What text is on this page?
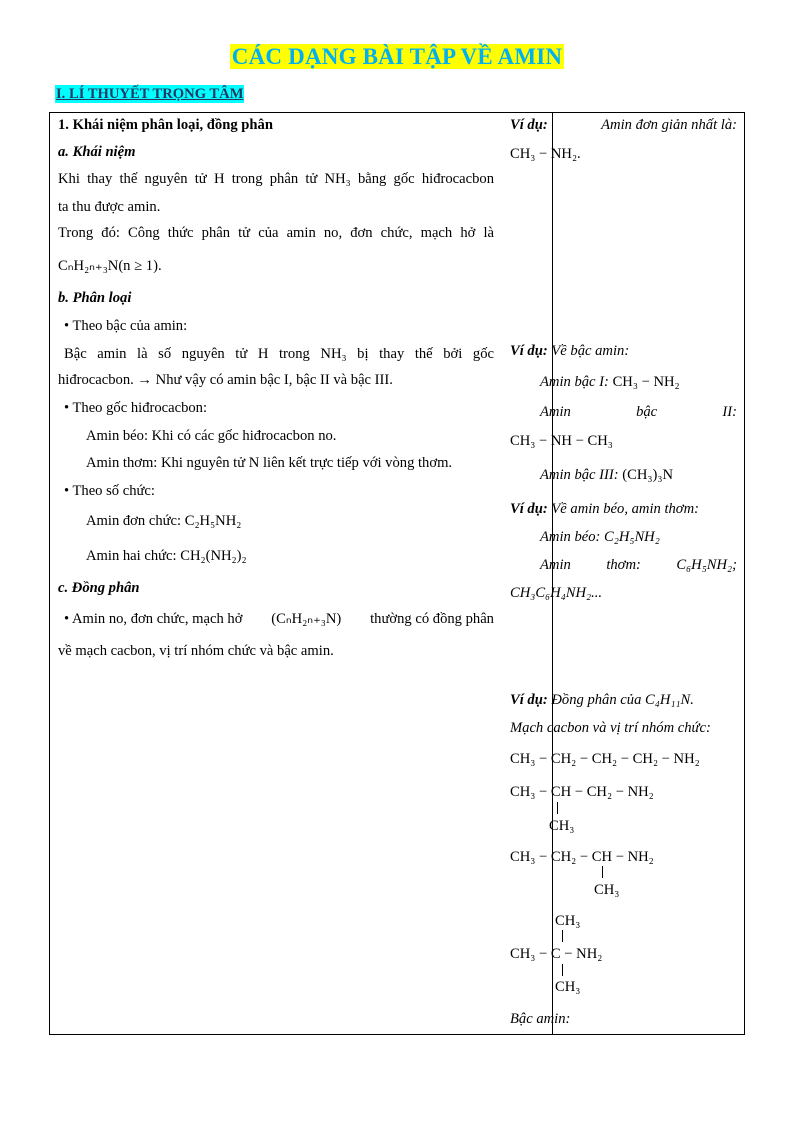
CÁC DẠNG BÀI TẬP VỀ AMIN
I. LÍ THUYẾT TRỌNG TÂM
1. Khái niệm phân loại, đồng phân
a. Khái niệm
Khi thay thế nguyên tử H trong phân tử NH₃ bằng gốc hiđrocacbon
ta thu được amin.
Trong đó: Công thức phân tử của amin no, đơn chức, mạch hở là
CₙH₂ₙ₊₃N(n ≥ 1).
b. Phân loại
• Theo bậc của amin:
Bậc amin là số nguyên tử H trong NH₃ bị thay thế bởi gốc
hiđrocacbon. → Như vậy có amin bậc I, bậc II và bậc III.
• Theo gốc hiđrocacbon:
Amin béo: Khi có các gốc hiđrocacbon no.
Amin thơm: Khi nguyên tử N liên kết trực tiếp với vòng thơm.
• Theo số chức:
Amin đơn chức: C₂H₅NH₂
Amin hai chức: CH₂(NH₂)₂
c. Đồng phân
• Amin no, đơn chức, mạch hở (CₙH₂ₙ₊₃N) thường có đồng phân
về mạch cacbon, vị trí nhóm chức và bậc amin.
Ví dụ:	Amin đơn giản nhất là:
CH₃ − NH₂.
Ví dụ: Về bậc amin:
Amin bậc I: CH₃ − NH₂
Amin	bậc	II:
CH₃ − NH − CH₃
Amin bậc III: (CH₃)₃N
Ví dụ: Về amin béo, amin thơm:
Amin béo: C₂H₅NH₂
Amin thơm: C₆H₅NH₂;
CH₃C₆H₄NH₂...
Ví dụ: Đồng phân của C₄H₁₁N.
Mạch cacbon và vị trí nhóm chức:
CH₃ − CH₂ − CH₂ − CH₂ − NH₂
CH₃ − CH − CH₂ − NH₂
CH₃
CH₃ − CH₂ − CH − NH₂
CH₃
CH₃
CH₃ − C − NH₂
CH₃
Bậc amin:
